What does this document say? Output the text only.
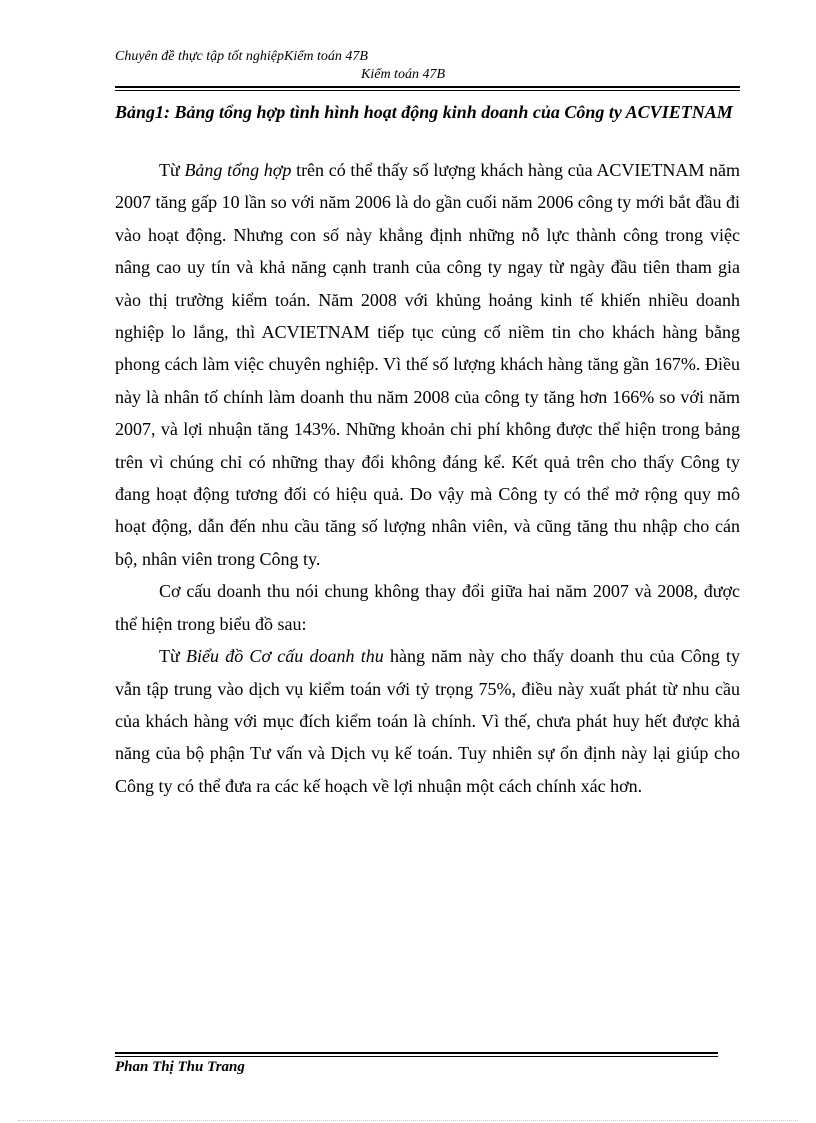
Chuyên đề thực tập tốt nghiệpKiểm toán 47B
Kiểm toán 47B

Bảng1: Bảng tổng hợp tình hình hoạt động kinh doanh của Công ty ACVIETNAM

Từ Bảng tổng hợp trên có thể thấy số lượng khách hàng của ACVIETNAM năm 2007 tăng gấp 10 lần so với năm 2006 là do gần cuối năm 2006 công ty mới bắt đầu đi vào hoạt động. Nhưng con số này khẳng định những nỗ lực thành công trong việc nâng cao uy tín và khả năng cạnh tranh của công ty ngay từ ngày đầu tiên tham gia vào thị trường kiểm toán. Năm 2008 với khủng hoảng kinh tế khiến nhiều doanh nghiệp lo lắng, thì ACVIETNAM tiếp tục củng cố niềm tin cho khách hàng bằng phong cách làm việc chuyên nghiệp. Vì thế số lượng khách hàng tăng gần 167%. Điều này là nhân tố chính làm doanh thu năm 2008 của công ty tăng hơn 166% so với năm 2007, và lợi nhuận tăng 143%. Những khoản chi phí không được thể hiện trong bảng trên vì chúng chỉ có những thay đổi không đáng kể. Kết quả trên cho thấy Công ty đang hoạt động tương đối có hiệu quả. Do vậy mà Công ty có thể mở rộng quy mô hoạt động, dẫn đến nhu cầu tăng số lượng nhân viên, và cũng tăng thu nhập cho cán bộ, nhân viên trong Công ty.

Cơ cấu doanh thu nói chung không thay đổi giữa hai năm 2007 và 2008, được thể hiện trong biểu đồ sau:

Từ Biểu đồ Cơ cấu doanh thu hàng năm này cho thấy doanh thu của Công ty vẫn tập trung vào dịch vụ kiểm toán với tỷ trọng 75%, điều này xuất phát từ nhu cầu của khách hàng với mục đích kiểm toán là chính. Vì thế, chưa phát huy hết được khả năng của bộ phận Tư vấn và Dịch vụ kế toán. Tuy nhiên sự ổn định này lại giúp cho Công ty có thể đưa ra các kế hoạch về lợi nhuận một cách chính xác hơn.

Phan Thị Thu Trang
